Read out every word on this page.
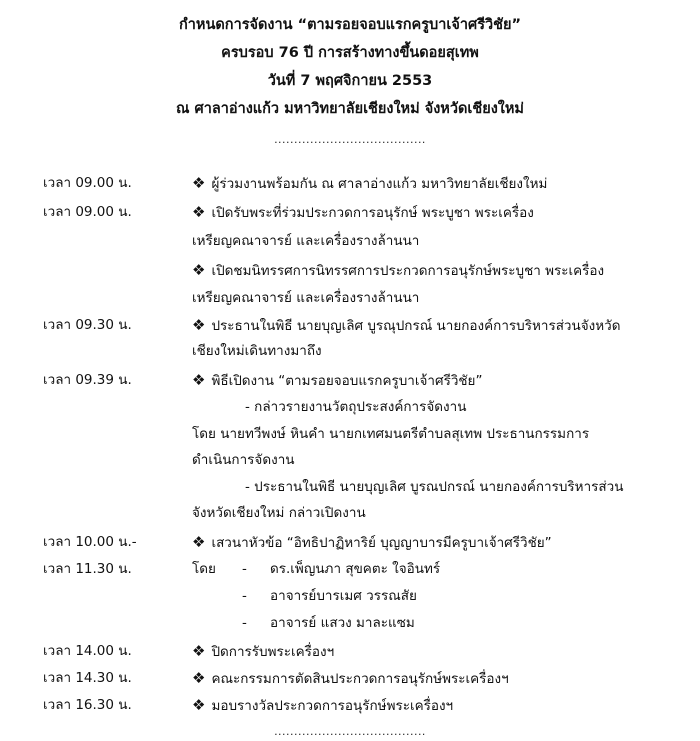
กำหนดการจัดงาน “ตามรอยจอบแรกครูบาเจ้าศรีวิชัย”
ครบรอบ 76 ปี การสร้างทางขึ้นดอยสุเทพ
วันที่ 7 พฤศจิกายน 2553
ณ ศาลาอ่างแก้ว มหาวิทยาลัยเชียงใหม่ จังหวัดเชียงใหม่
......................................
เวลา 09.00 น.	❖ ผู้ร่วมงานพร้อมกัน ณ ศาลาอ่างแก้ว มหาวิทยาลัยเชียงใหม่
เวลา 09.00 น.	❖ เปิดรับพระที่ร่วมประกวดการอนุรักษ์ พระบูชา พระเครื่อง
เหรียญคณาจารย์ และเครื่องรางล้านนา
❖ เปิดชมนิทรรศการนิทรรศการประกวดการอนุรักษ์พระบูชา พระเครื่อง
เหรียญคณาจารย์ และเครื่องรางล้านนา
เวลา 09.30 น.	❖ ประธานในพิธี นายบุญเลิศ บูรณุปกรณ์ นายกองค์การบริหารส่วนจังหวัด
เชียงใหม่เดินทางมาถึง
เวลา 09.39 น.	❖ พิธีเปิดงาน “ตามรอยจอบแรกครูบาเจ้าศรีวิชัย”
- กล่าวรายงานวัตถุประสงค์การจัดงาน
โดย นายทวีพงษ์ หินคำ นายกเทศมนตรีตำบลสุเทพ ประธานกรรมการ
ดำเนินการจัดงาน
- ประธานในพิธี นายบุญเลิศ บูรณปกรณ์ นายกองค์การบริหารส่วน
จังหวัดเชียงใหม่ กล่าวเปิดงาน
เวลา 10.00 น.-	❖ เสวนาหัวข้อ “อิทธิปาฏิหาริย์ บุญญาบารมีครูบาเจ้าศรีวิชัย”
เวลา 11.30 น.	โดย - ดร.เพ็ญนภา สุขคตะ ใจอินทร์
- อาจารย์บารเมศ วรรณสัย
- อาจารย์ แสวง มาละแซม
เวลา 14.00 น.	❖ ปิดการรับพระเครื่องฯ
เวลา 14.30 น.	❖ คณะกรรมการตัดสินประกวดการอนุรักษ์พระเครื่องฯ
เวลา 16.30 น.	❖ มอบรางวัลประกวดการอนุรักษ์พระเครื่องฯ
......................................
